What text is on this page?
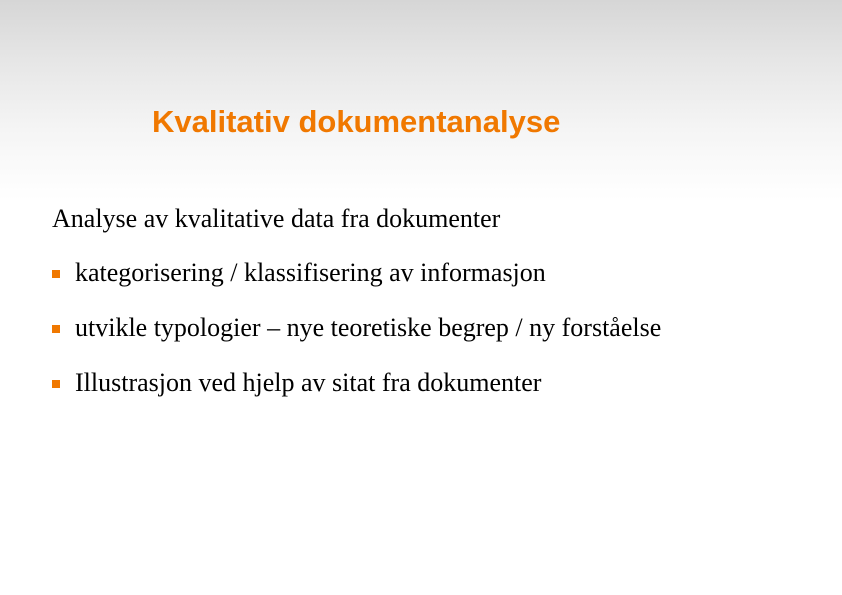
Kvalitativ dokumentanalyse

Analyse av kvalitative data fra dokumenter

kategorisering / klassifisering av informasjon
utvikle typologier – nye teoretiske begrep / ny forståelse
Illustrasjon ved hjelp av sitat fra dokumenter
